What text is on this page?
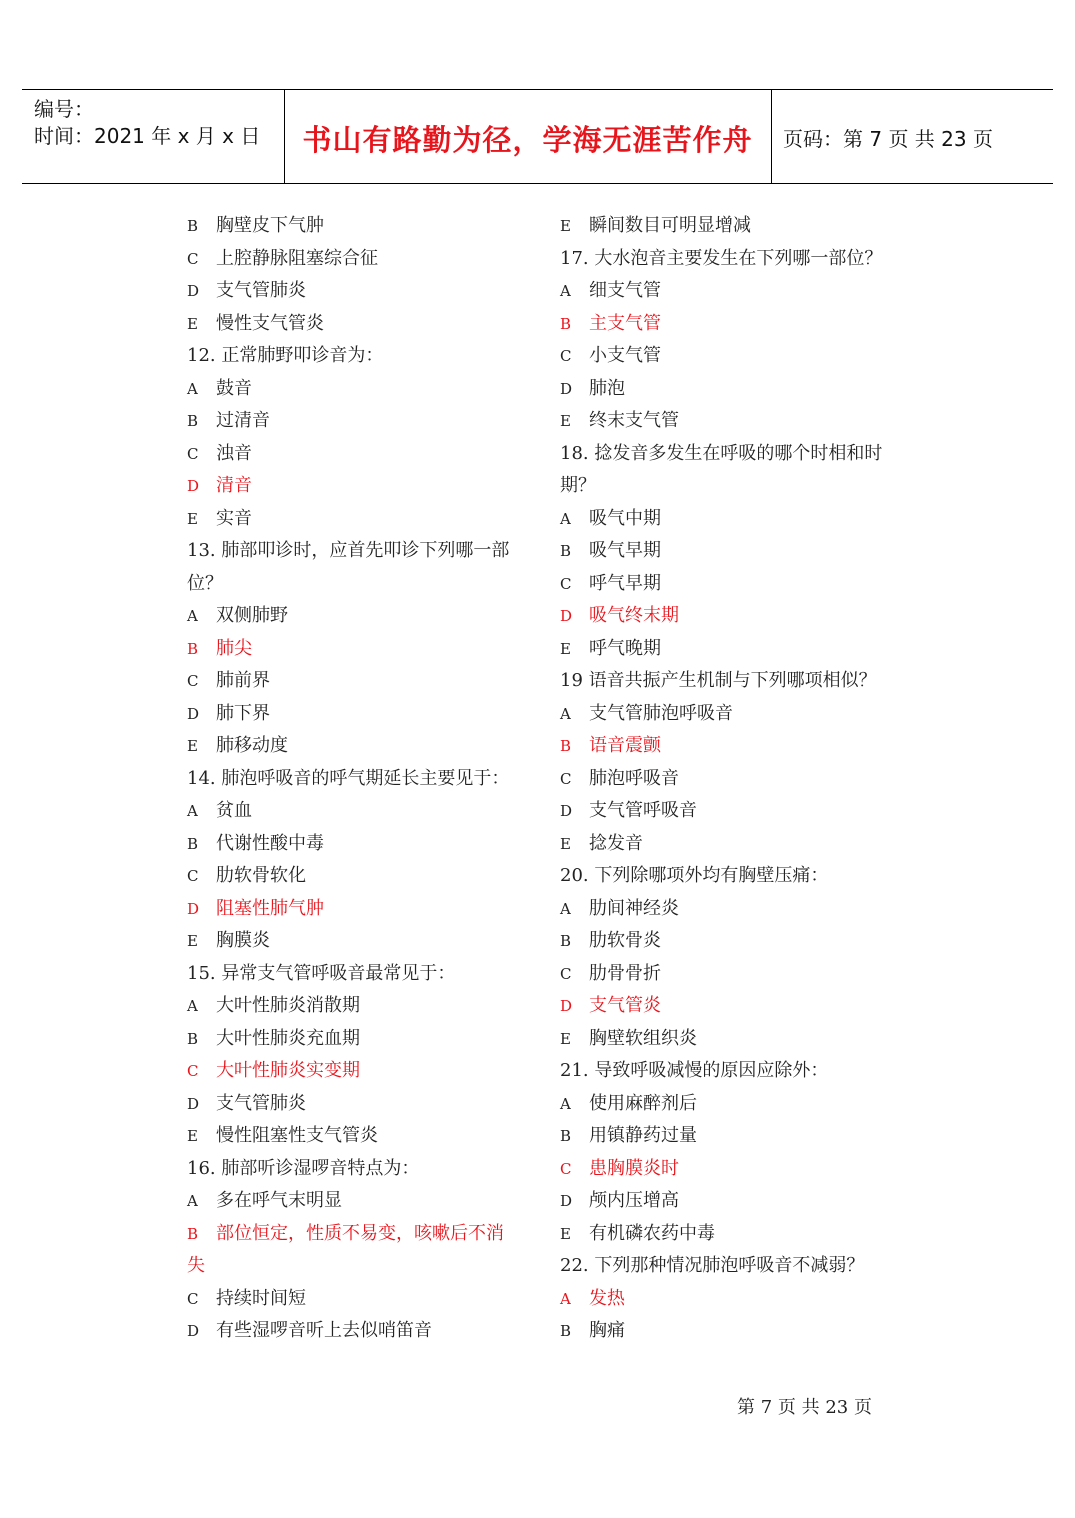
编号：
时间：2021 年 x 月 x 日	书山有路勤为径，学海无涯苦作舟	页码：第 7 页 共 23 页
B 胸壁皮下气肿
C 上腔静脉阻塞综合征
D 支气管肺炎
E 慢性支气管炎
12. 正常肺野叩诊音为：
A 鼓音
B 过清音
C 浊音
D 清音
E 实音
13. 肺部叩诊时，应首先叩诊下列哪一部
位？
A 双侧肺野
B 肺尖
C 肺前界
D 肺下界
E 肺移动度
14. 肺泡呼吸音的呼气期延长主要见于：
A 贫血
B 代谢性酸中毒
C 肋软骨软化
D 阻塞性肺气肿
E 胸膜炎
15. 异常支气管呼吸音最常见于：
A 大叶性肺炎消散期
B 大叶性肺炎充血期
C 大叶性肺炎实变期
D 支气管肺炎
E 慢性阻塞性支气管炎
16. 肺部听诊湿啰音特点为：
A 多在呼气末明显
B 部位恒定，性质不易变，咳嗽后不消
失
C 持续时间短
D 有些湿啰音听上去似哨笛音
E 瞬间数目可明显增减
17. 大水泡音主要发生在下列哪一部位？
A 细支气管
B 主支气管
C 小支气管
D 肺泡
E 终末支气管
18. 捻发音多发生在呼吸的哪个时相和时
期？
A 吸气中期
B 吸气早期
C 呼气早期
D 吸气终末期
E 呼气晚期
19 语音共振产生机制与下列哪项相似？
A 支气管肺泡呼吸音
B 语音震颤
C 肺泡呼吸音
D 支气管呼吸音
E 捻发音
20. 下列除哪项外均有胸壁压痛：
A 肋间神经炎
B 肋软骨炎
C 肋骨骨折
D 支气管炎
E 胸壁软组织炎
21. 导致呼吸减慢的原因应除外：
A 使用麻醉剂后
B 用镇静药过量
C 患胸膜炎时
D 颅内压增高
E 有机磷农药中毒
22. 下列那种情况肺泡呼吸音不减弱？
A 发热
B 胸痛
第 7 页 共 23 页
